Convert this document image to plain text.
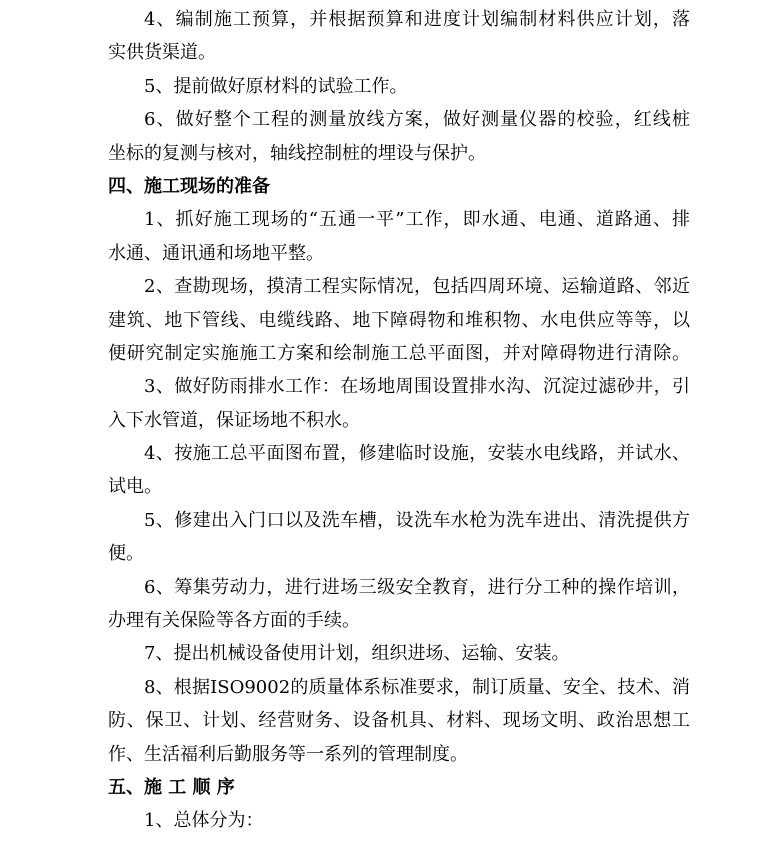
4、编制施工预算，并根据预算和进度计划编制材料供应计划，落
实供货渠道。
5、提前做好原材料的试验工作。
6、做好整个工程的测量放线方案，做好测量仪器的校验，红线桩
坐标的复测与核对，轴线控制桩的埋设与保护。
四、施工现场的准备
1、抓好施工现场的“五通一平”工作，即水通、电通、道路通、排
水通、通讯通和场地平整。
2、查勘现场，摸清工程实际情况，包括四周环境、运输道路、邻近
建筑、地下管线、电缆线路、地下障碍物和堆积物、水电供应等等，以
便研究制定实施施工方案和绘制施工总平面图，并对障碍物进行清除。
3、做好防雨排水工作：在场地周围设置排水沟、沉淀过滤砂井，引
入下水管道，保证场地不积水。
4、按施工总平面图布置，修建临时设施，安装水电线路，并试水、
试电。
5、修建出入门口以及洗车槽，设洗车水枪为洗车进出、清洗提供方
便。
6、筹集劳动力，进行进场三级安全教育，进行分工种的操作培训，
办理有关保险等各方面的手续。
7、提出机械设备使用计划，组织进场、运输、安装。
8、根据ISO9002的质量体系标准要求，制订质量、安全、技术、消
防、保卫、计划、经营财务、设备机具、材料、现场文明、政治思想工
作、生活福利后勤服务等一系列的管理制度。
五、施 工 顺 序
1、总体分为：
